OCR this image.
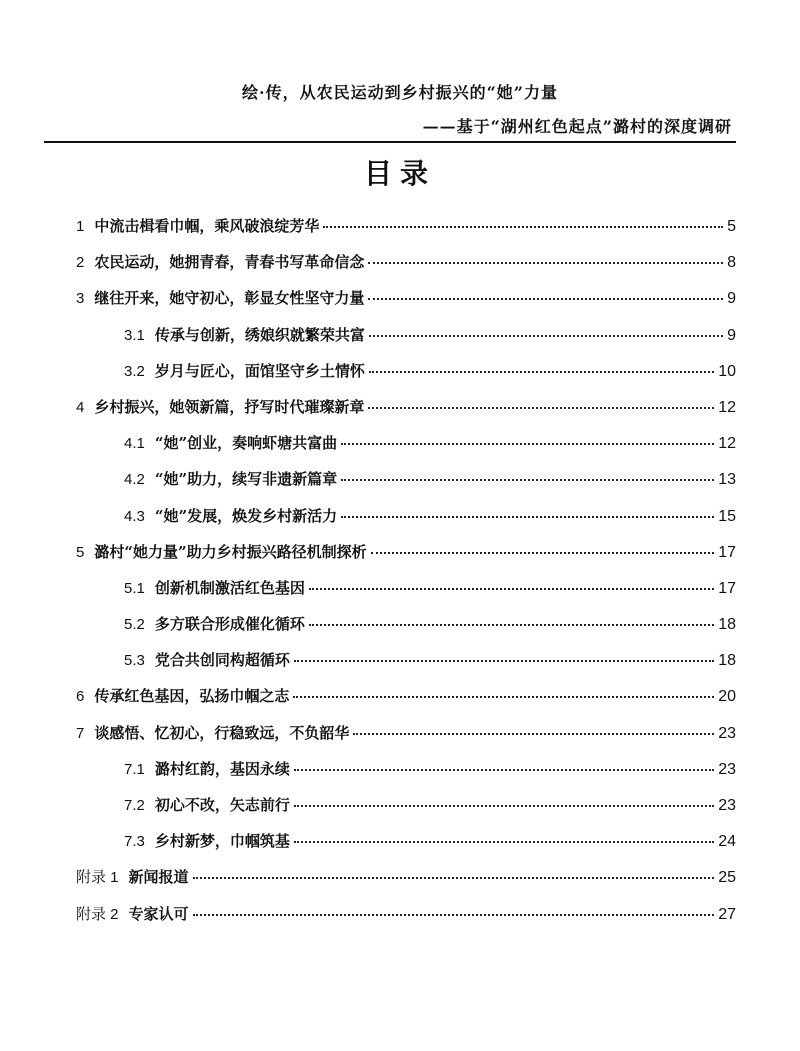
绘·传，从农民运动到乡村振兴的“她”力量
——基于“湖州红色起点”潞村的深度调研
目录
1 中流击楫看巾帼，乘风破浪绽芳华	5
2 农民运动，她拥青春，青春书写革命信念	8
3 继往开来，她守初心，彰显女性坚守力量	9
3.1 传承与创新，绣娘织就繁荣共富	9
3.2 岁月与匠心，面馆坚守乡土情怀	10
4 乡村振兴，她领新篇，抒写时代璀璨新章	12
4.1 “她”创业，奏响虾塘共富曲	12
4.2 “她”助力，续写非遗新篇章	13
4.3 “她”发展，焕发乡村新活力	15
5 潞村“她力量”助力乡村振兴路径机制探析	17
5.1 创新机制激活红色基因	17
5.2 多方联合形成催化循环	18
5.3 党合共创同构超循环	18
6 传承红色基因，弘扬巾帼之志	20
7 谈感悟、忆初心，行稳致远，不负韶华	23
7.1 潞村红韵，基因永续	23
7.2 初心不改，矢志前行	23
7.3 乡村新梦，巾帼筑基	24
附录 1 新闻报道	25
附录 2 专家认可	27
